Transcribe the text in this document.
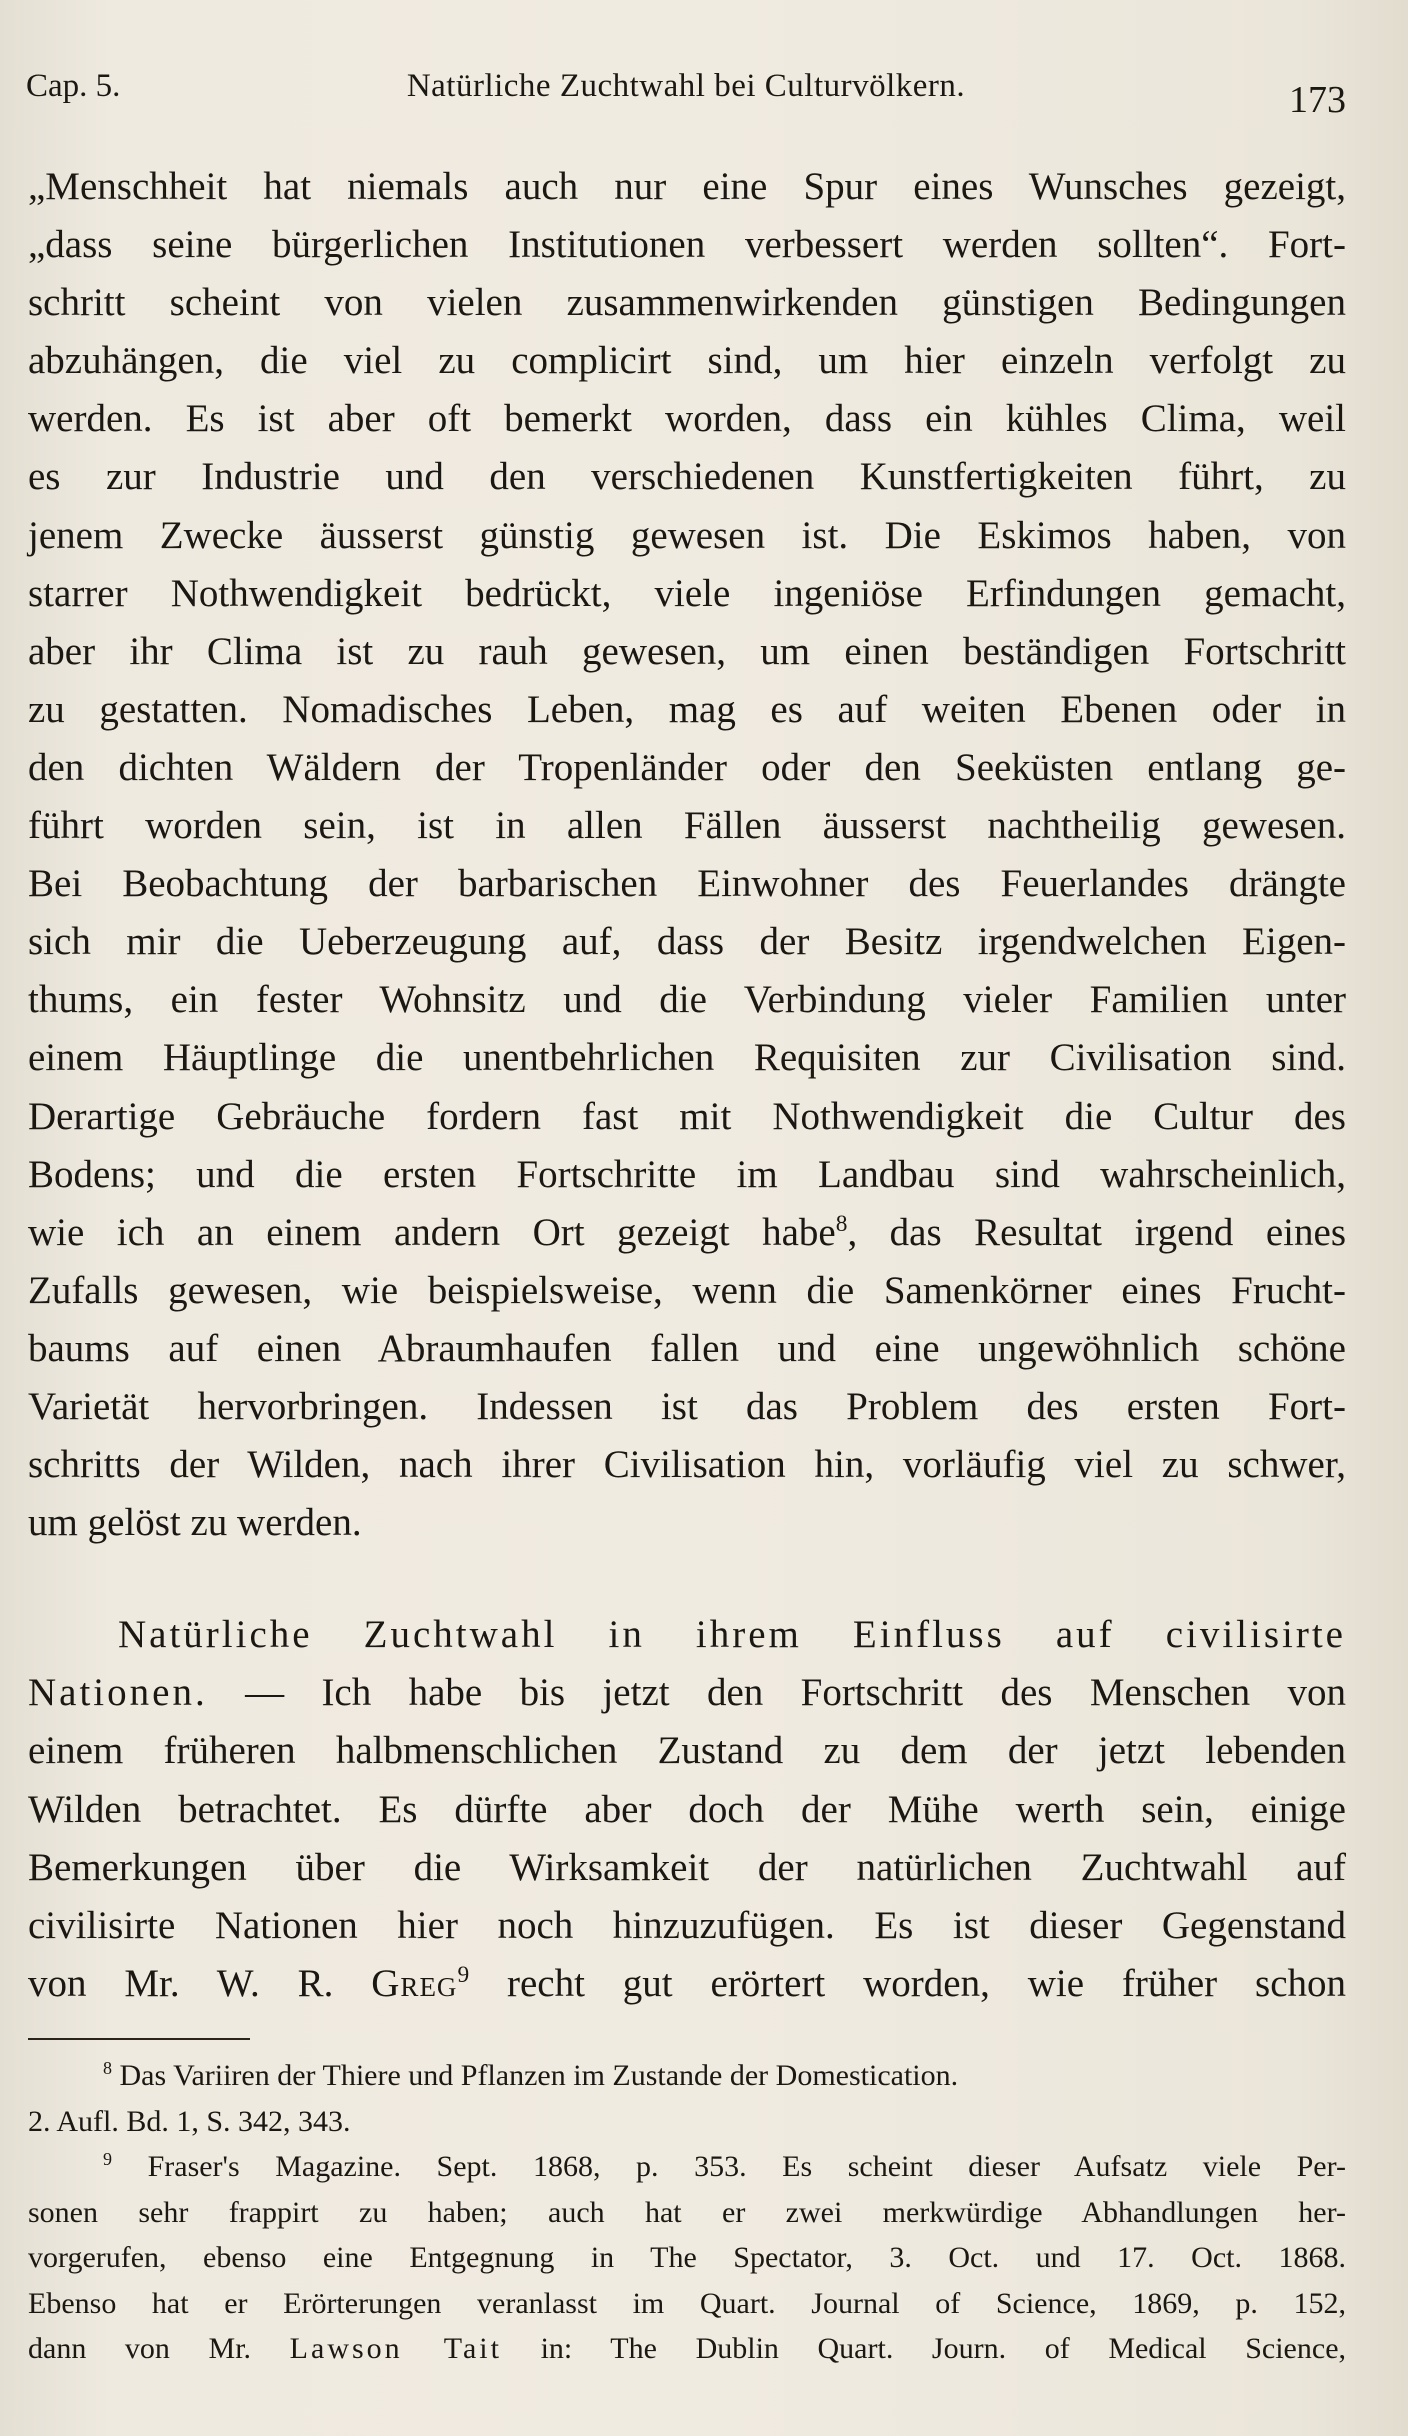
Cap. 5.	Natürliche Zuchtwahl bei Culturvölkern.	173
„Menschheit hat niemals auch nur eine Spur eines Wunsches gezeigt,
„dass seine bürgerlichen Institutionen verbessert werden sollten“. Fort-
schritt scheint von vielen zusammenwirkenden günstigen Bedingungen
abzuhängen, die viel zu complicirt sind, um hier einzeln verfolgt zu
werden. Es ist aber oft bemerkt worden, dass ein kühles Clima, weil
es zur Industrie und den verschiedenen Kunstfertigkeiten führt, zu
jenem Zwecke äusserst günstig gewesen ist. Die Eskimos haben, von
starrer Nothwendigkeit bedrückt, viele ingeniöse Erfindungen gemacht,
aber ihr Clima ist zu rauh gewesen, um einen beständigen Fortschritt
zu gestatten. Nomadisches Leben, mag es auf weiten Ebenen oder in
den dichten Wäldern der Tropenländer oder den Seeküsten entlang ge-
führt worden sein, ist in allen Fällen äusserst nachtheilig gewesen.
Bei Beobachtung der barbarischen Einwohner des Feuerlandes drängte
sich mir die Ueberzeugung auf, dass der Besitz irgendwelchen Eigen-
thums, ein fester Wohnsitz und die Verbindung vieler Familien unter
einem Häuptlinge die unentbehrlichen Requisiten zur Civilisation sind.
Derartige Gebräuche fordern fast mit Nothwendigkeit die Cultur des
Bodens; und die ersten Fortschritte im Landbau sind wahrscheinlich,
wie ich an einem andern Ort gezeigt habe$^8$, das Resultat irgend eines
Zufalls gewesen, wie beispielsweise, wenn die Samenkörner eines Frucht-
baums auf einen Abraumhaufen fallen und eine ungewöhnlich schöne
Varietät hervorbringen. Indessen ist das Problem des ersten Fort-
schritts der Wilden, nach ihrer Civilisation hin, vorläufig viel zu schwer,
um gelöst zu werden.
Natürliche Zuchtwahl in ihrem Einfluss auf civilisirte
Nationen. — Ich habe bis jetzt den Fortschritt des Menschen von
einem früheren halbmenschlichen Zustand zu dem der jetzt lebenden
Wilden betrachtet. Es dürfte aber doch der Mühe werth sein, einige
Bemerkungen über die Wirksamkeit der natürlichen Zuchtwahl auf
civilisirte Nationen hier noch hinzuzufügen. Es ist dieser Gegenstand
von Mr. W. R. Greg$^9$ recht gut erörtert worden, wie früher schon
$^8$ Das Variiren der Thiere und Pflanzen im Zustande der Domestication.
2. Aufl. Bd. 1, S. 342, 343.
$^9$ Fraser's Magazine. Sept. 1868, p. 353. Es scheint dieser Aufsatz viele Per-
sonen sehr frappirt zu haben; auch hat er zwei merkwürdige Abhandlungen her-
vorgerufen, ebenso eine Entgegnung in The Spectator, 3. Oct. und 17. Oct. 1868.
Ebenso hat er Erörterungen veranlasst im Quart. Journal of Science, 1869, p. 152,
dann von Mr. Lawson Tait in: The Dublin Quart. Journ. of Medical Science,
